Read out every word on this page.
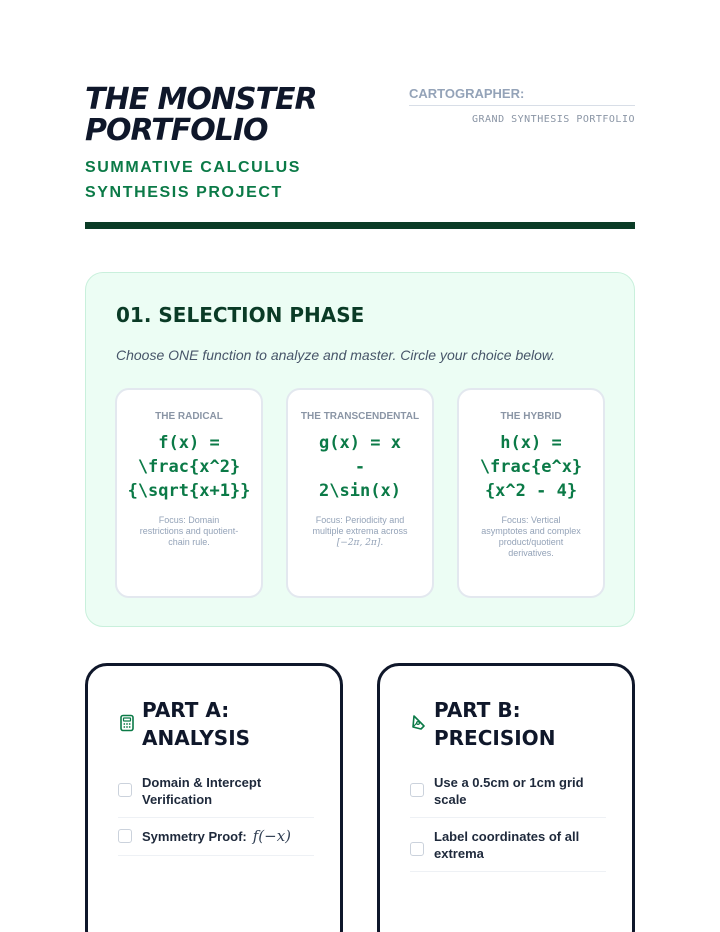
THE MONSTER PORTFOLIO
SUMMATIVE CALCULUS SYNTHESIS PROJECT
CARTOGRAPHER:
GRAND SYNTHESIS PORTFOLIO
01. SELECTION PHASE
Choose ONE function to analyze and master. Circle your choice below.
THE RADICAL
f(x) =
\frac{x^2}
{\sqrt{x+1}}
Focus: Domain restrictions and quotient-chain rule.
THE TRANSCENDENTAL
g(x) = x
-
2\sin(x)
Focus: Periodicity and multiple extrema across [−2π, 2π].
THE HYBRID
h(x) =
\frac{e^x}
{x^2 - 4}
Focus: Vertical asymptotes and complex product/quotient derivatives.
PART A: ANALYSIS
Domain & Intercept Verification
Symmetry Proof: f(−x)
PART B: PRECISION
Use a 0.5cm or 1cm grid scale
Label coordinates of all extrema
